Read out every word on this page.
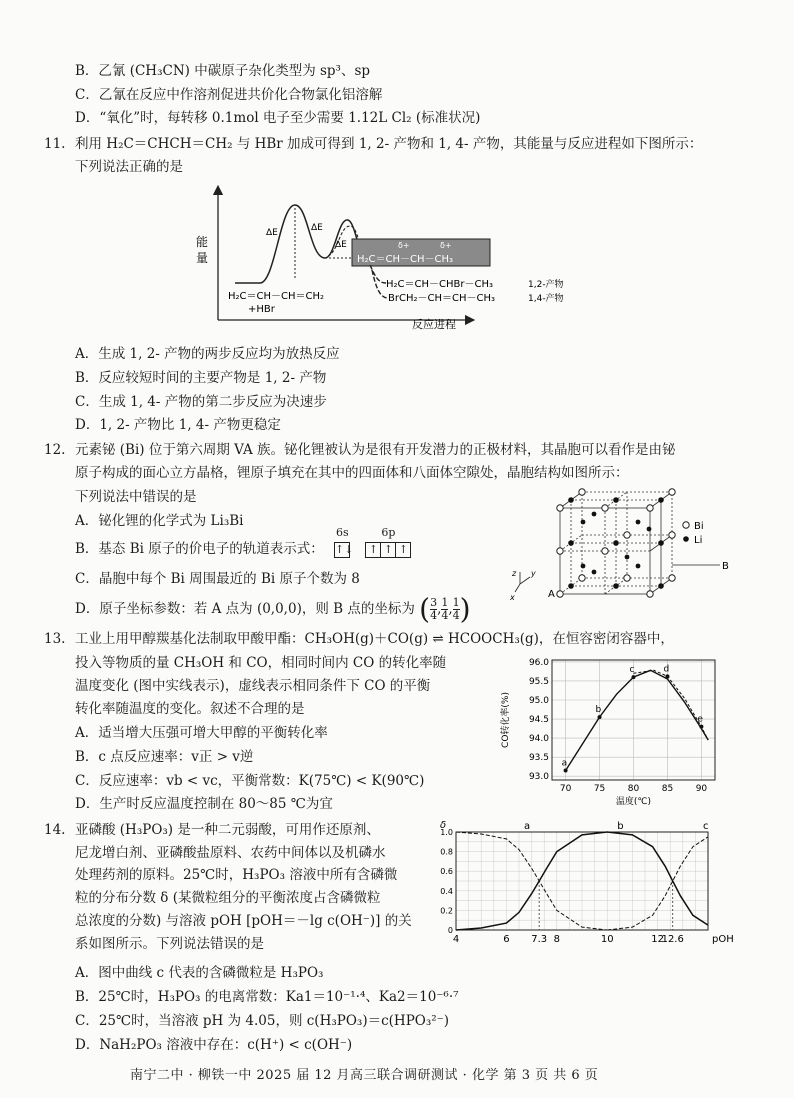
B．乙氰 (CH₃CN) 中碳原子杂化类型为 sp³、sp
C．乙氰在反应中作溶剂促进共价化合物氯化铝溶解
D．“氧化”时，每转移 0.1mol 电子至少需要 1.12L Cl₂ (标准状况)
11. 利用 H₂C＝CHCH＝CH₂ 与 HBr 加成可得到 1, 2- 产物和 1, 4- 产物，其能量与反应进程如下图所示：
下列说法正确的是
能
量
反应进程
δ+	δ+
H₂C＝CH－CH－CH₃
ΔE	ΔE
ΔE
H₂C＝CH－CH＝CH₂
+HBr
H₂C＝CH－CHBr－CH₃	1,2-产物
BrCH₂－CH＝CH－CH₃	1,4-产物
A．生成 1, 2- 产物的两步反应均为放热反应
B．反应较短时间的主要产物是 1, 2- 产物
C．生成 1, 4- 产物的第二步反应为决速步
D．1, 2- 产物比 1, 4- 产物更稳定
12. 元素铋 (Bi) 位于第六周期 VA 族。铋化锂被认为是很有开发潜力的正极材料，其晶胞可以看作是由铋
原子构成的面心立方晶格，锂原子填充在其中的四面体和八面体空隙处，晶胞结构如图所示：
下列说法中错误的是
A．铋化锂的化学式为 Li₃Bi
B．基态 Bi 原子的价电子的轨道表示式：
6s
↑↓
6p
↑ ↑ ↑
C．晶胞中每个 Bi 周围最近的 Bi 原子个数为 8
D．原子坐标参数：若 A 点为 (0,0,0)，则 B 点的坐标为 ( $\frac{3}{4}$ , $\frac{1}{4}$ , $\frac{1}{4}$ )
B
A
Bi
Li
z y
x
13. 工业上用甲醇羰基化法制取甲酸甲酯：CH₃OH(g)＋CO(g) ⇌ HCOOCH₃(g)，在恒容密闭容器中，
投入等物质的量 CH₃OH 和 CO，相同时间内 CO 的转化率随
温度变化 (图中实线表示)，虚线表示相同条件下 CO 的平衡
转化率随温度的变化。叙述不合理的是
A．适当增大压强可增大甲醇的平衡转化率
B．c 点反应速率：v正 > v逆
C．反应速率：vb < vc，平衡常数：K(75℃) < K(90℃)
D．生产时反应温度控制在 80～85 ℃为宜
70	75	80	85	90
93.0
93.5
94.0
94.5
95.0
95.5
96.0
温度(℃)
CO转化率(%)
a
b
c	d
e
14. 亚磷酸 (H₃PO₃) 是一种二元弱酸，可用作还原剂、
尼龙增白剂、亚磷酸盐原料、农药中间体以及机磷水
处理药剂的原料。25℃时，H₃PO₃ 溶液中所有含磷微
粒的分布分数 δ (某微粒组分的平衡浓度占含磷微粒
总浓度的分数) 与溶液 pOH [pOH＝－lg c(OH⁻)] 的关
系如图所示。下列说法错误的是
A．图中曲线 c 代表的含磷微粒是 H₃PO₃
B．25℃时，H₃PO₃ 的电离常数：Ka1＝10⁻¹·⁴、Ka2＝10⁻⁶·⁷
C．25℃时，当溶液 pH 为 4.05，则 c(H₃PO₃)＝c(HPO₃²⁻)
D．NaH₂PO₃ 溶液中存在：c(H⁺) < c(OH⁻)
4	6 7.3 8	10	12
12.6	pOH
0
0.2
0.4
0.6
0.8
1.0
δ	a	b	c
南宁二中 · 柳铁一中 2025 届 12 月高三联合调研测试 · 化学 第 3 页 共 6 页
